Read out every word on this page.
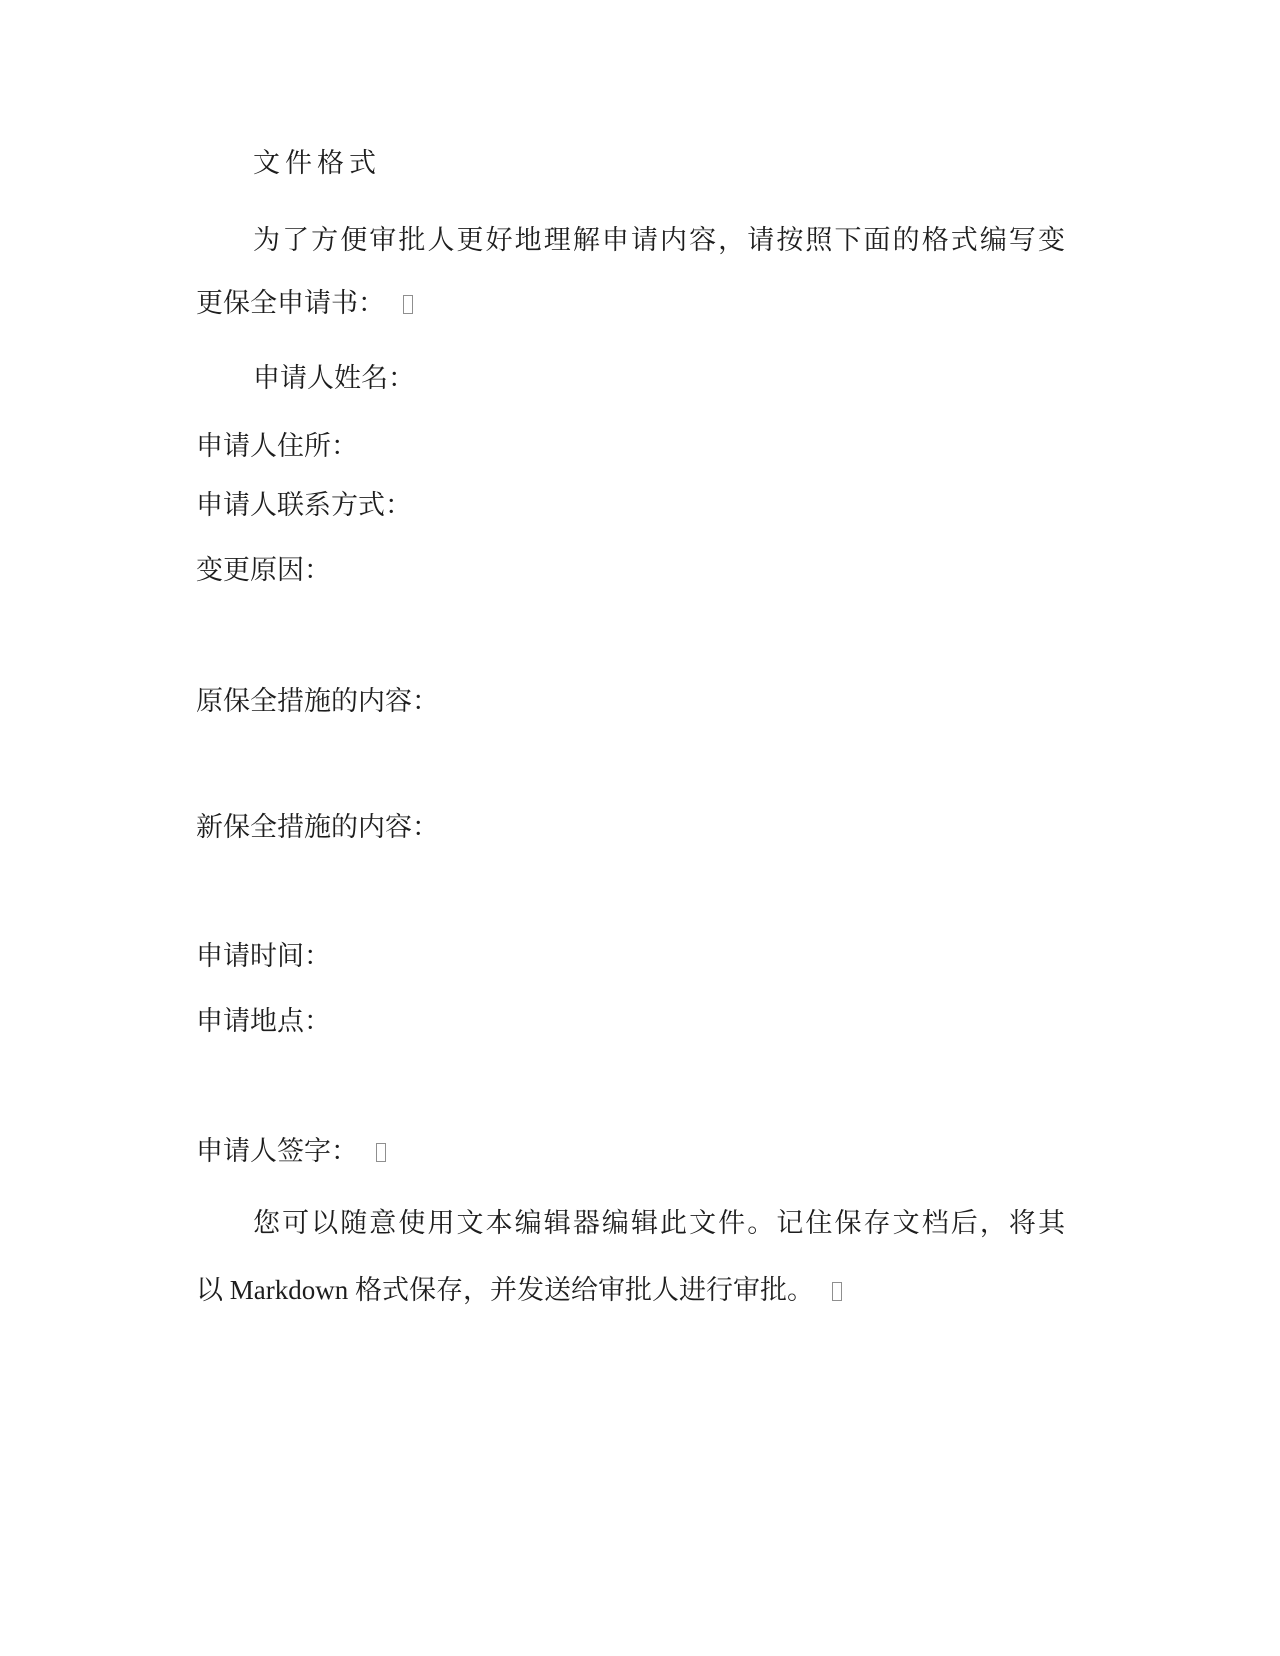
文件格式
为了方便审批人更好地理解申请内容，请按照下面的格式编写变
更保全申请书：
申请人姓名：
申请人住所：
申请人联系方式：
变更原因：
原保全措施的内容：
新保全措施的内容：
申请时间：
申请地点：
申请人签字：
您可以随意使用文本编辑器编辑此文件。记住保存文档后，将其
以 Markdown 格式保存，并发送给审批人进行审批。
